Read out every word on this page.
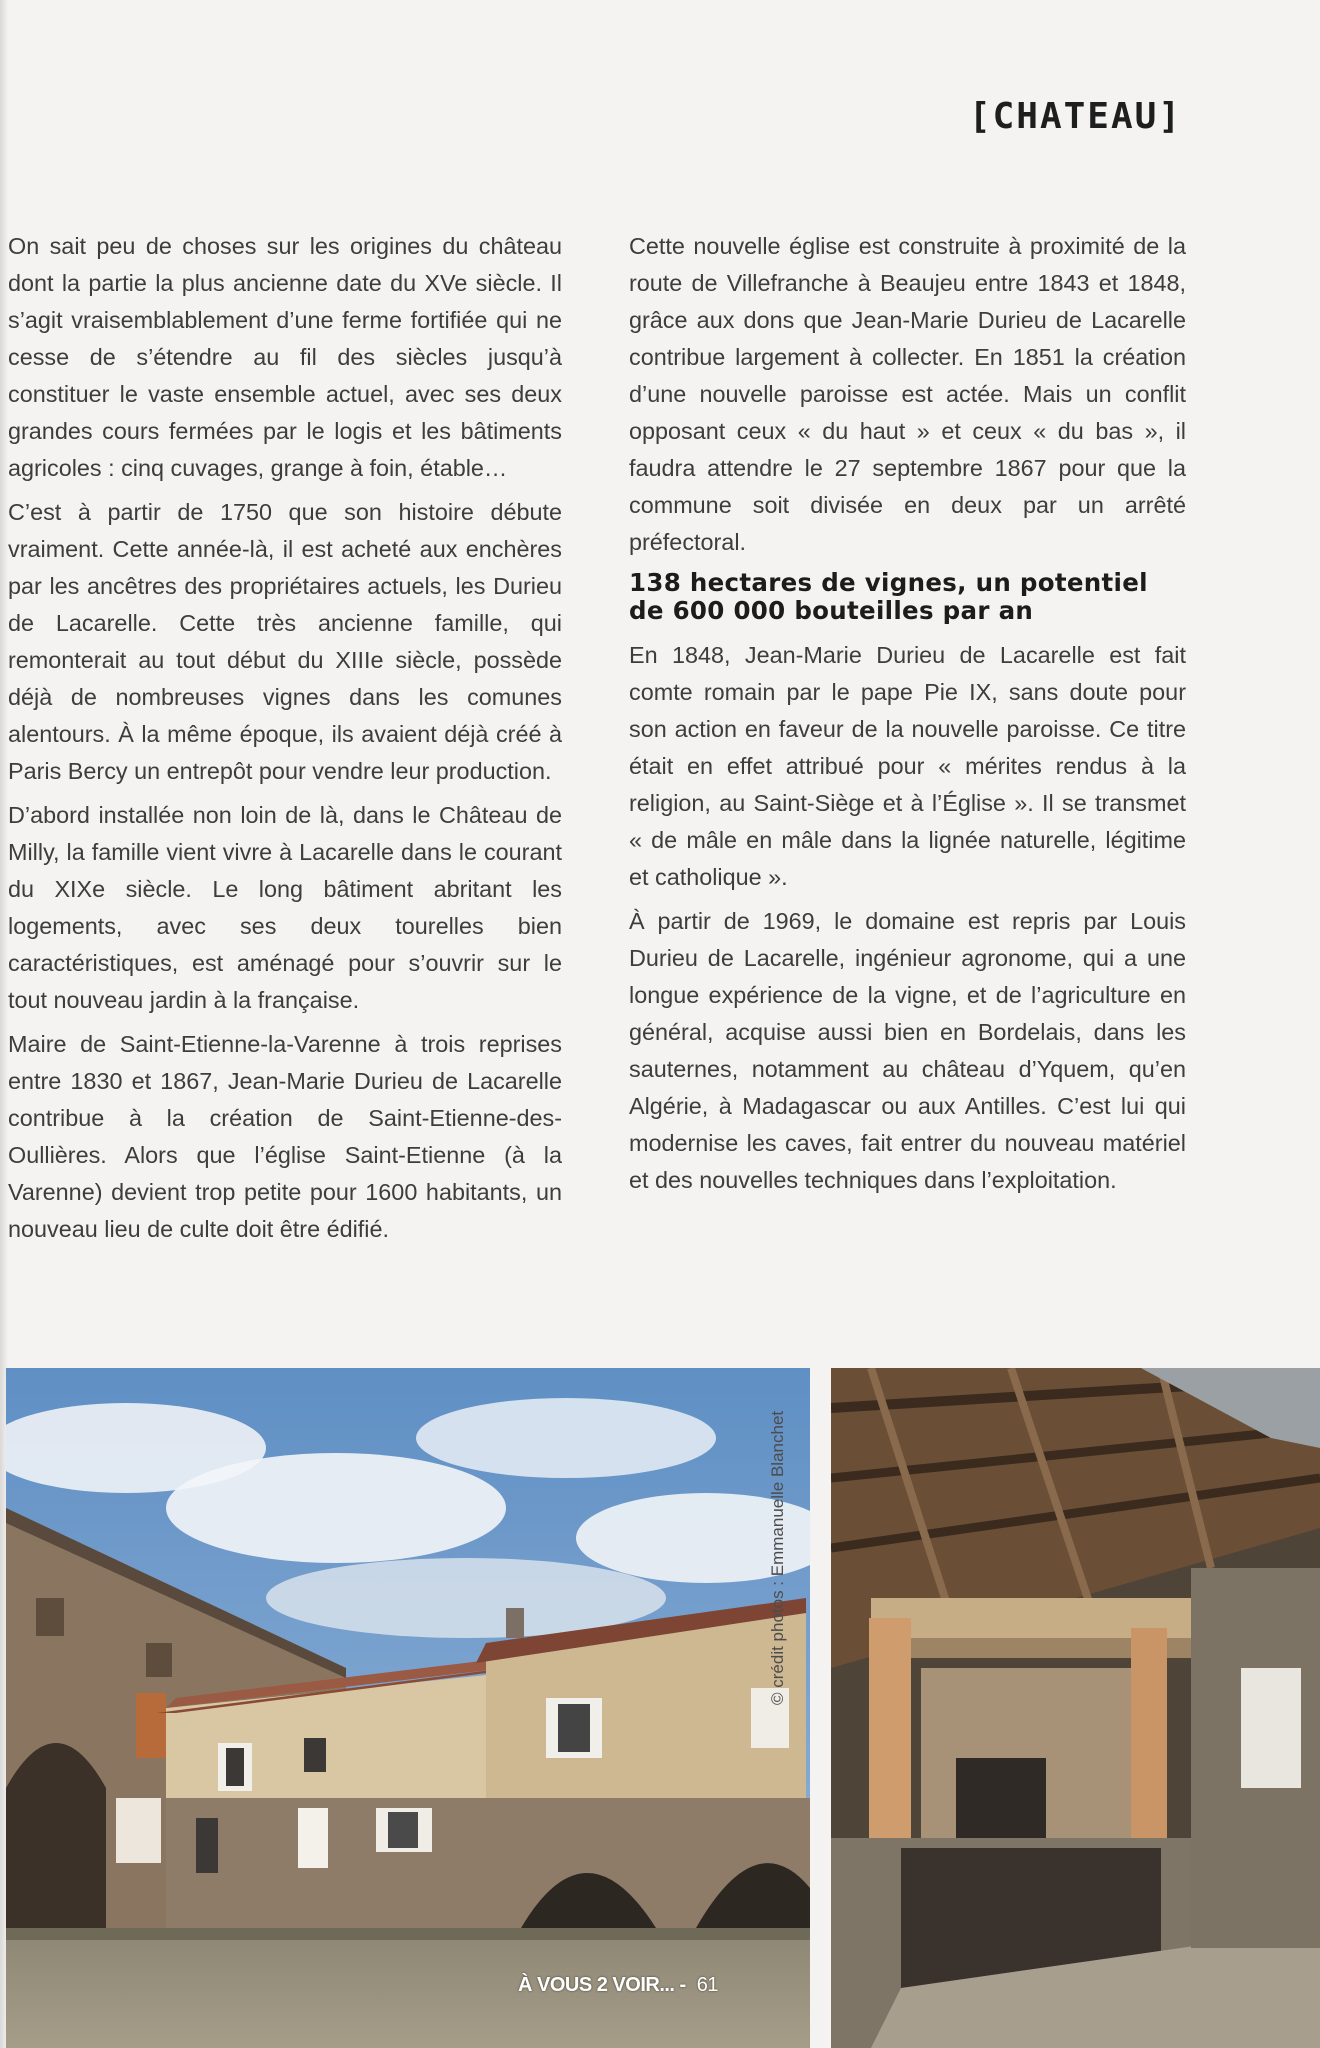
[CHATEAU]

On sait peu de choses sur les origines du château dont la partie la plus ancienne date du XVe siècle. Il s’agit vraisemblablement d’une ferme fortifiée qui ne cesse de s’étendre au fil des siècles jusqu’à constituer le vaste ensemble actuel, avec ses deux grandes cours fermées par le logis et les bâtiments agricoles : cinq cuvages, grange à foin, étable…

C’est à partir de 1750 que son histoire débute vraiment. Cette année-là, il est acheté aux enchères par les ancêtres des propriétaires actuels, les Durieu de Lacarelle. Cette très ancienne famille, qui remonterait au tout début du XIIIe siècle, possède déjà de nombreuses vignes dans les comunes alentours. À la même époque, ils avaient déjà créé à Paris Bercy un entrepôt pour vendre leur production.

D’abord installée non loin de là, dans le Château de Milly, la famille vient vivre à Lacarelle dans le courant du XIXe siècle. Le long bâtiment abritant les logements, avec ses deux tourelles bien caractéristiques, est aménagé pour s’ouvrir sur le tout nouveau jardin à la française.

Maire de Saint-Etienne-la-Varenne à trois reprises entre 1830 et 1867, Jean-Marie Durieu de Lacarelle contribue à la création de Saint-Etienne-des-Oullières. Alors que l’église Saint-Etienne (à la Varenne) devient trop petite pour 1600 habitants, un nouveau lieu de culte doit être édifié.

Cette nouvelle église est construite à proximité de la route de Villefranche à Beaujeu entre 1843 et 1848, grâce aux dons que Jean-Marie Durieu de Lacarelle contribue largement à collecter. En 1851 la création d’une nouvelle paroisse est actée. Mais un conflit opposant ceux « du haut » et ceux « du bas », il faudra attendre le 27 septembre 1867 pour que la commune soit divisée en deux par un arrêté préfectoral.

138 hectares de vignes, un potentiel de 600 000 bouteilles par an

En 1848, Jean-Marie Durieu de Lacarelle est fait comte romain par le pape Pie IX, sans doute pour son action en faveur de la nouvelle paroisse. Ce titre était en effet attribué pour « mérites rendus à la religion, au Saint-Siège et à l’Église ». Il se transmet « de mâle en mâle dans la lignée naturelle, légitime et catholique ».

À partir de 1969, le domaine est repris par Louis Durieu de Lacarelle, ingénieur agronome, qui a une longue expérience de la vigne, et de l’agriculture en général, acquise aussi bien en Bordelais, dans les sauternes, notamment au château d’Yquem, qu’en Algérie, à Madagascar ou aux Antilles. C’est lui qui modernise les caves, fait entrer du nouveau matériel et des nouvelles techniques dans l’exploitation.

© crédit photos : Emmanuelle Blanchet
À VOUS 2 VOIR... - 61
